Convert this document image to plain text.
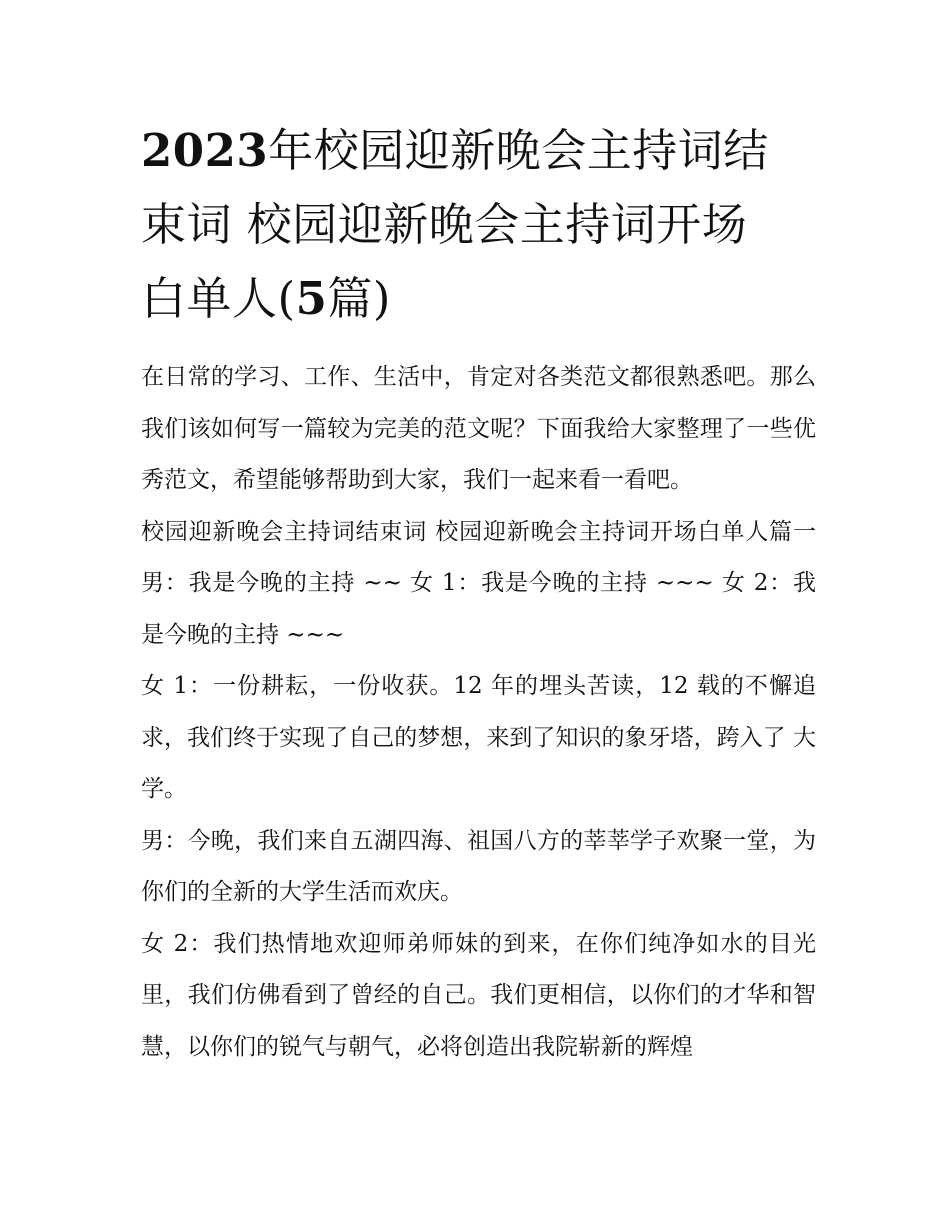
2023年校园迎新晚会主持词结
束词 校园迎新晚会主持词开场
白单人(5篇)

在日常的学习、工作、生活中，肯定对各类范文都很熟悉吧。那么我们该如何写一篇较为完美的范文呢？下面我给大家整理了一些优秀范文，希望能够帮助到大家，我们一起来看一看吧。

校园迎新晚会主持词结束词 校园迎新晚会主持词开场白单人篇一 男：我是今晚的主持 ~~ 女 1：我是今晚的主持 ~~~ 女 2：我是今晚的主持 ~~~

女 1：一份耕耘，一份收获。12 年的埋头苦读，12 载的不懈追求，我们终于实现了自己的梦想，来到了知识的象牙塔，跨入了 大学。

男：今晚，我们来自五湖四海、祖国八方的莘莘学子欢聚一堂，为你们的全新的大学生活而欢庆。

女 2：我们热情地欢迎师弟师妹的到来，在你们纯净如水的目光里，我们仿佛看到了曾经的自己。我们更相信，以你们的才华和智慧，以你们的锐气与朝气，必将创造出我院崭新的辉煌
